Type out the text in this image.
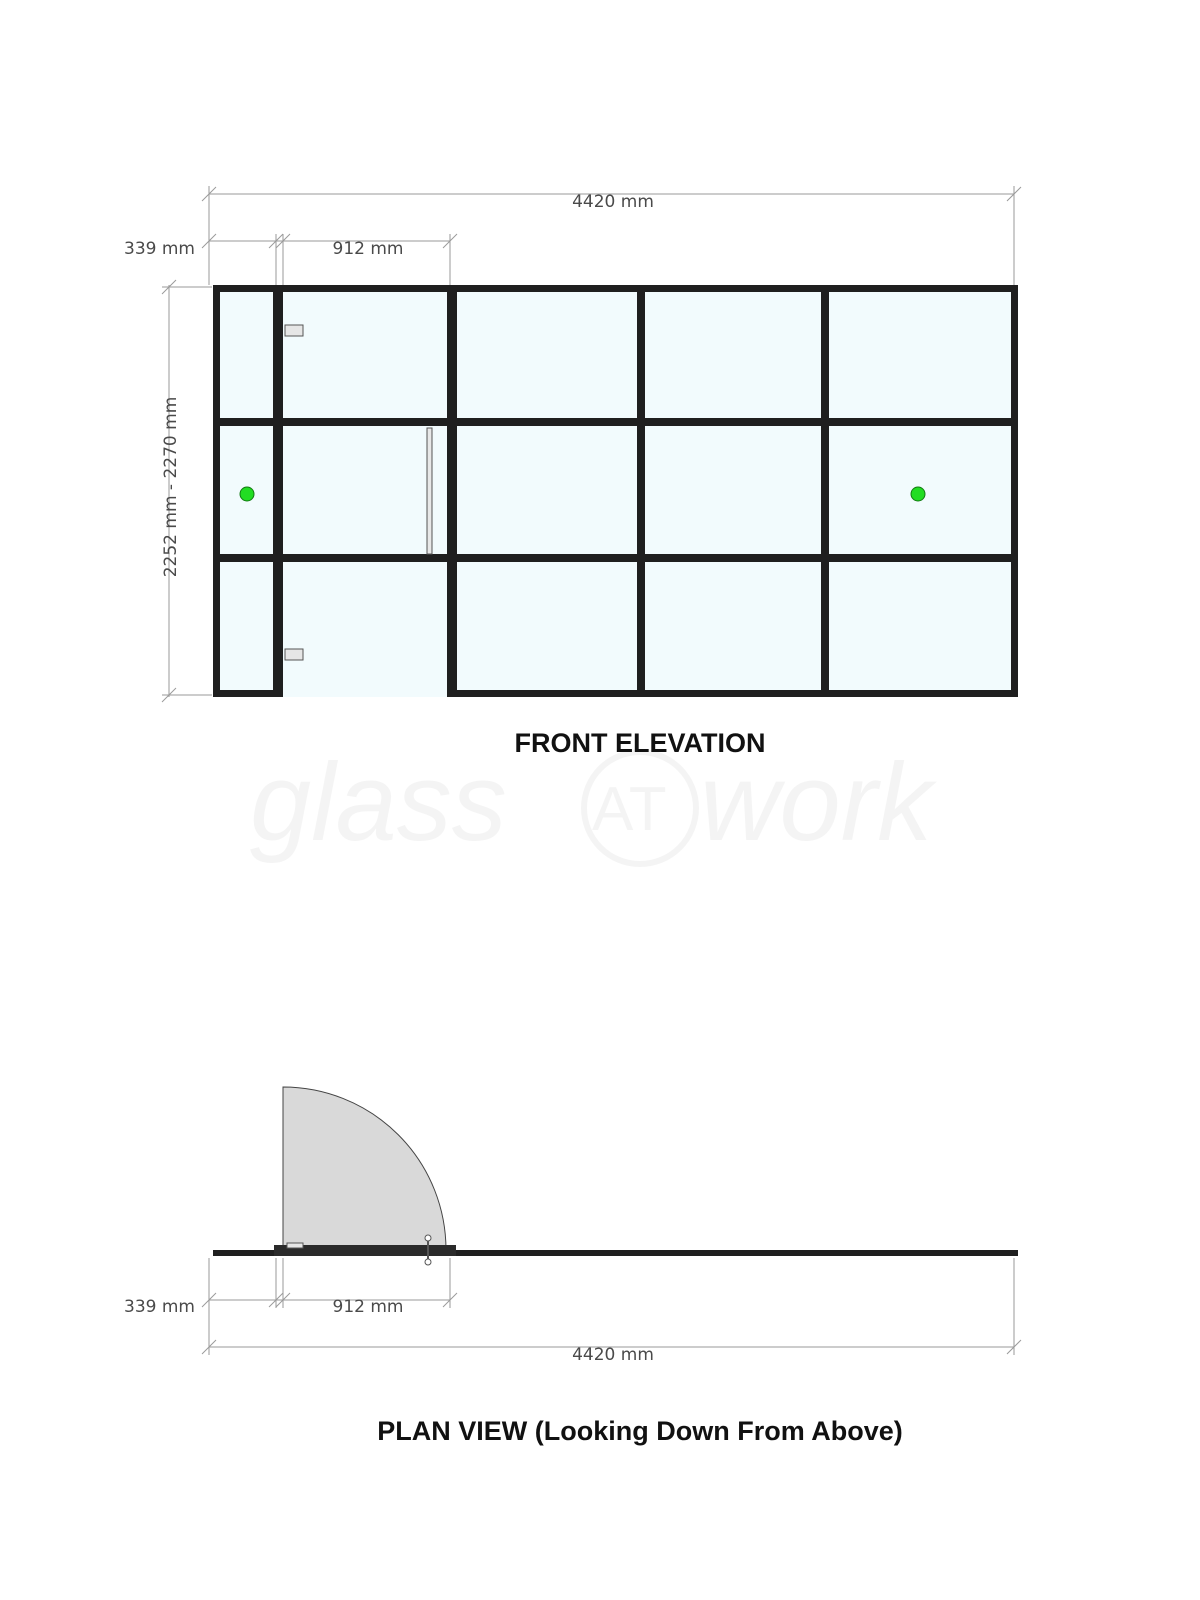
glass AT work
4420 mm
339 mm	912 mm
2252 mm - 2270 mm
FRONT ELEVATION
339 mm	912 mm
4420 mm
PLAN VIEW (Looking Down From Above)
